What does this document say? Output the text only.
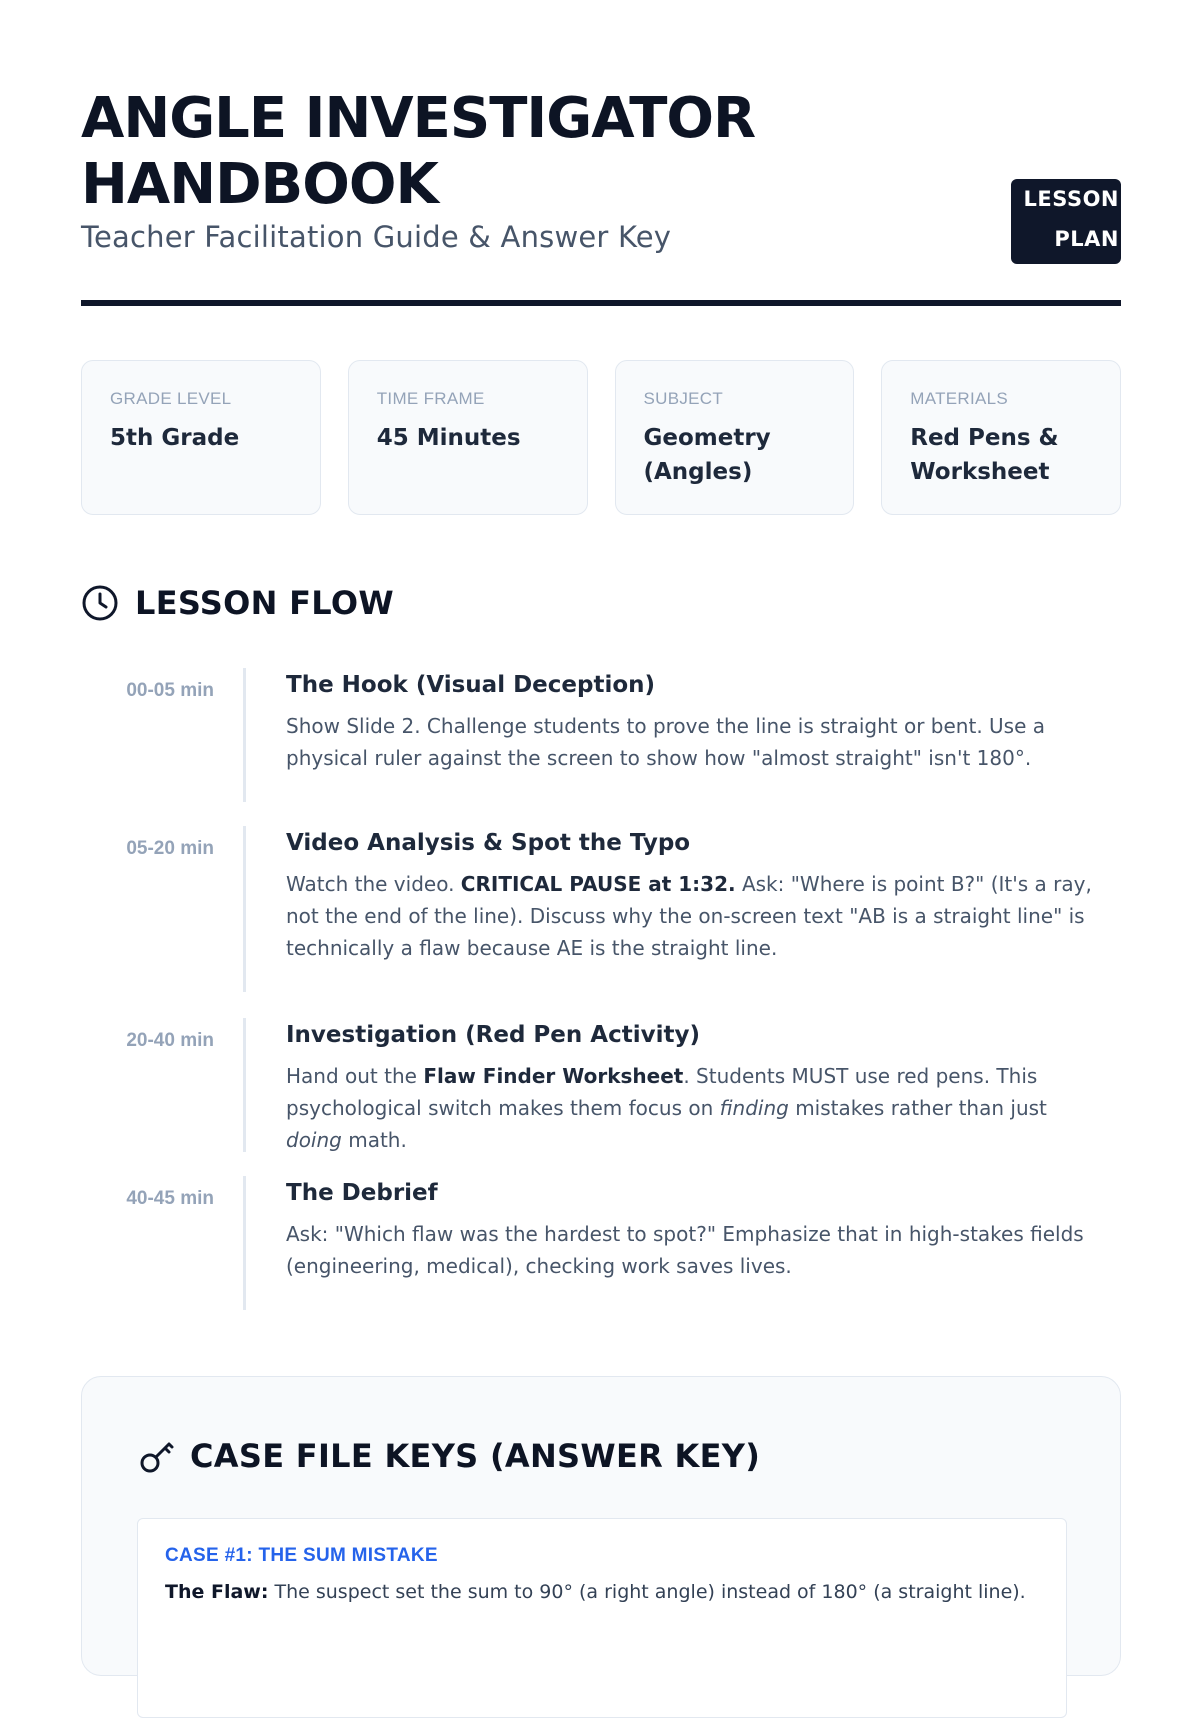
ANGLE INVESTIGATOR
HANDBOOK
Teacher Facilitation Guide & Answer Key
LESSON
PLAN
GRADE LEVEL
5th Grade
TIME FRAME
45 Minutes
SUBJECT
Geometry (Angles)
MATERIALS
Red Pens & Worksheet
LESSON FLOW
00-05 min	The Hook (Visual Deception)

Show Slide 2. Challenge students to prove the line is straight or bent. Use a physical ruler against the screen to show how "almost straight" isn't 180°.

05-20 min	Video Analysis & Spot the Typo

Watch the video. CRITICAL PAUSE at 1:32. Ask: "Where is point B?" (It's a ray, not the end of the line). Discuss why the on-screen text "AB is a straight line" is technically a flaw because AE is the straight line.

20-40 min	Investigation (Red Pen Activity)

Hand out the Flaw Finder Worksheet. Students MUST use red pens. This psychological switch makes them focus on finding mistakes rather than just doing math.

40-45 min	The Debrief

Ask: "Which flaw was the hardest to spot?" Emphasize that in high-stakes fields (engineering, medical), checking work saves lives.

CASE FILE KEYS (ANSWER KEY)
CASE #1: THE SUM MISTAKE
The Flaw: The suspect set the sum to 90° (a right angle) instead of 180° (a straight line).
